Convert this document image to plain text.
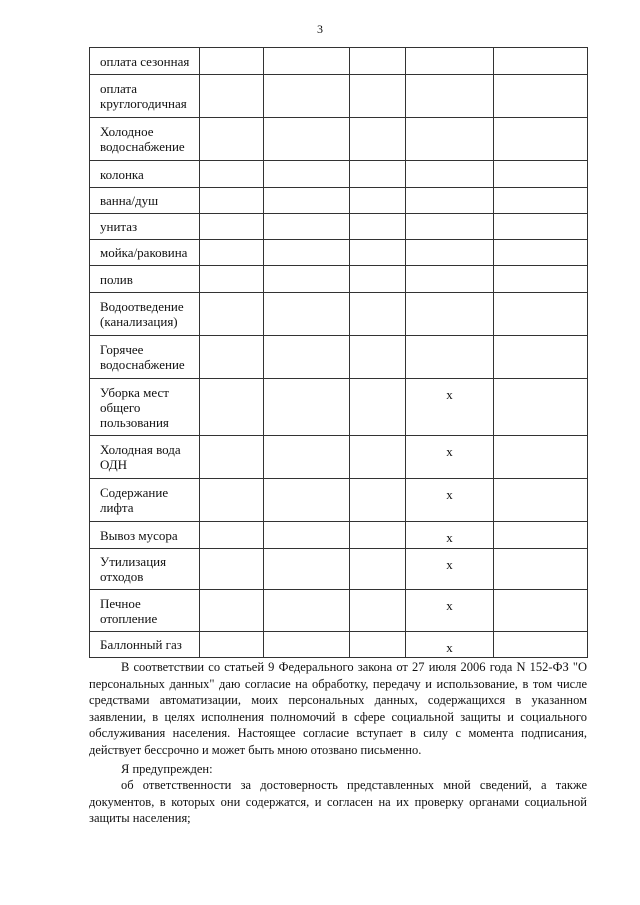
3
оплата сезонная	

оплата круглогодичная	

Холодное водоснабжение	

колонка	

ванна/душ	

унитаз	

мойка/раковина	

полив	

Водоотведение (канализация)	

Горячее водоснабжение	

Уборка мест общего пользования				x	

Холодная вода ОДН				x	

Содержание лифта				x	

Вывоз мусора				x	

Утилизация отходов				x	

Печное отопление				x	

Баллонный газ				x	

В соответствии со статьей 9 Федерального закона от 27 июля 2006 года N 152-ФЗ "О персональных данных" даю согласие на обработку, передачу и использование, в том числе средствами автоматизации, моих персональных данных, содержащихся в указанном заявлении, в целях исполнения полномочий в сфере социальной защиты и социального обслуживания населения. Настоящее согласие вступает в силу с момента подписания, действует бессрочно и может быть мною отозвано письменно.

Я предупрежден:
об ответственности за достоверность представленных мной сведений, а также документов, в которых они содержатся, и согласен на их проверку органами социальной защиты населения;
